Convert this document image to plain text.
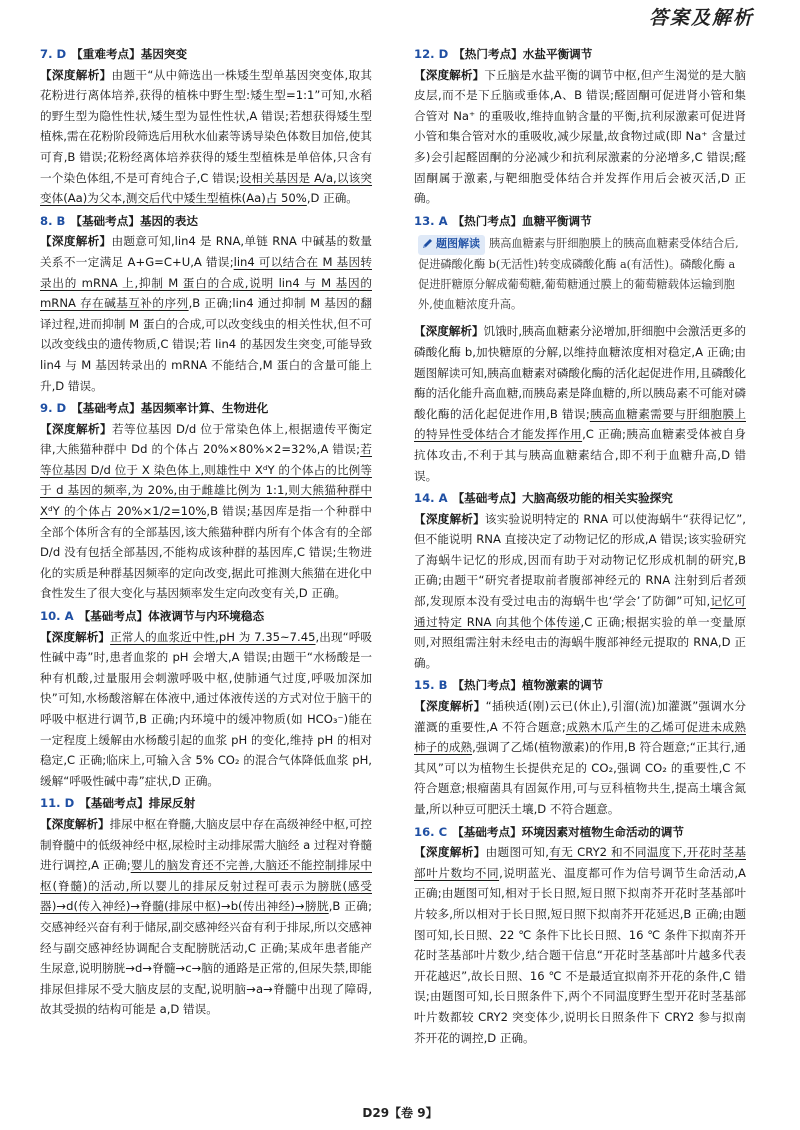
答案及解析
7. D 【重难考点】基因突变
【深度解析】由题干“从中筛选出一株矮生型单基因突变体,取其花粉进行离体培养,获得的植株中野生型:矮生型=1:1”可知,水稻的野生型为隐性性状,矮生型为显性性状,A 错误;若想获得矮生型植株,需在花粉阶段筛选后用秋水仙素等诱导染色体数目加倍,使其可育,B 错误;花粉经离体培养获得的矮生型植株是单倍体,只含有一个染色体组,不是可育纯合子,C 错误;设相关基因是 A/a,以该突变体(Aa)为父本,测交后代中矮生型植株(Aa)占 50%,D 正确。
8. B 【基础考点】基因的表达
【深度解析】由题意可知,lin4 是 RNA,单链 RNA 中碱基的数量关系不一定满足 A+G=C+U,A 错误;lin4 可以结合在 M 基因转录出的 mRNA 上,抑制 M 蛋白的合成,说明 lin4 与 M 基因的 mRNA 存在碱基互补的序列,B 正确;lin4 通过抑制 M 基因的翻译过程,进而抑制 M 蛋白的合成,可以改变线虫的相关性状,但不可以改变线虫的遗传物质,C 错误;若 lin4 的基因发生突变,可能导致 lin4 与 M 基因转录出的 mRNA 不能结合,M 蛋白的含量可能上升,D 错误。
9. D 【基础考点】基因频率计算、生物进化
【深度解析】若等位基因 D/d 位于常染色体上,根据遗传平衡定律,大熊猫种群中 Dd 的个体占 20%×80%×2=32%,A 错误;若等位基因 D/d 位于 X 染色体上,则雄性中 XᵈY 的个体占的比例等于 d 基因的频率,为 20%,由于雌雄比例为 1:1,则大熊猫种群中 XᵈY 的个体占 20%×1/2=10%,B 错误;基因库是指一个种群中全部个体所含有的全部基因,该大熊猫种群内所有个体含有的全部 D/d 没有包括全部基因,不能构成该种群的基因库,C 错误;生物进化的实质是种群基因频率的定向改变,据此可推测大熊猫在进化中食性发生了很大变化与基因频率发生定向改变有关,D 正确。
10. A 【基础考点】体液调节与内环境稳态
【深度解析】正常人的血浆近中性,pH 为 7.35~7.45,出现“呼吸性碱中毒”时,患者血浆的 pH 会增大,A 错误;由题干“水杨酸是一种有机酸,过量服用会刺激呼吸中枢,使肺通气过度,呼吸加深加快”可知,水杨酸溶解在体液中,通过体液传送的方式对位于脑干的呼吸中枢进行调节,B 正确;内环境中的缓冲物质(如 HCO₃⁻)能在一定程度上缓解由水杨酸引起的血浆 pH 的变化,维持 pH 的相对稳定,C 正确;临床上,可输入含 5% CO₂ 的混合气体降低血浆 pH,缓解“呼吸性碱中毒”症状,D 正确。
11. D 【基础考点】排尿反射
【深度解析】排尿中枢在脊髓,大脑皮层中存在高级神经中枢,可控制脊髓中的低级神经中枢,尿检时主动排尿需大脑经 a 过程对脊髓进行调控,A 正确;婴儿的脑发育还不完善,大脑还不能控制排尿中枢(脊髓)的活动,所以婴儿的排尿反射过程可表示为膀胱(感受器)→d(传入神经)→脊髓(排尿中枢)→b(传出神经)→膀胱,B 正确;交感神经兴奋有利于储尿,副交感神经兴奋有利于排尿,所以交感神经与副交感神经协调配合支配膀胱活动,C 正确;某成年患者能产生尿意,说明膀胱→d→脊髓→c→脑的通路是正常的,但尿失禁,即能排尿但排尿不受大脑皮层的支配,说明脑→a→脊髓中出现了障碍,故其受损的结构可能是 a,D 错误。
12. D 【热门考点】水盐平衡调节
【深度解析】下丘脑是水盐平衡的调节中枢,但产生渴觉的是大脑皮层,而不是下丘脑或垂体,A、B 错误;醛固酮可促进肾小管和集合管对 Na⁺ 的重吸收,维持血钠含量的平衡,抗利尿激素可促进肾小管和集合管对水的重吸收,减少尿量,故食物过咸(即 Na⁺ 含量过多)会引起醛固酮的分泌减少和抗利尿激素的分泌增多,C 错误;醛固酮属于激素,与靶细胞受体结合并发挥作用后会被灭活,D 正确。
13. A 【热门考点】血糖平衡调节
题图解读 胰高血糖素与肝细胞膜上的胰高血糖素受体结合后,促进磷酸化酶 b(无活性)转变成磷酸化酶 a(有活性)。磷酸化酶 a 促进肝糖原分解成葡萄糖,葡萄糖通过膜上的葡萄糖载体运输到胞外,使血糖浓度升高。
【深度解析】饥饿时,胰高血糖素分泌增加,肝细胞中会激活更多的磷酸化酶 b,加快糖原的分解,以维持血糖浓度相对稳定,A 正确;由题图解读可知,胰高血糖素对磷酸化酶的活化起促进作用,且磷酸化酶的活化能升高血糖,而胰岛素是降血糖的,所以胰岛素不可能对磷酸化酶的活化起促进作用,B 错误;胰高血糖素需要与肝细胞膜上的特异性受体结合才能发挥作用,C 正确;胰高血糖素受体被自身抗体攻击,不利于其与胰高血糖素结合,即不利于血糖升高,D 错误。
14. A 【基础考点】大脑高级功能的相关实验探究
【深度解析】该实验说明特定的 RNA 可以使海蜗牛“获得记忆”,但不能说明 RNA 直接决定了动物记忆的形成,A 错误;该实验研究了海蜗牛记忆的形成,因而有助于对动物记忆形成机制的研究,B 正确;由题干“研究者提取前者腹部神经元的 RNA 注射到后者颈部,发现原本没有受过电击的海蜗牛也‘学会’了防御”可知,记忆可通过特定 RNA 向其他个体传递,C 正确;根据实验的单一变量原则,对照组需注射未经电击的海蜗牛腹部神经元提取的 RNA,D 正确。
15. B 【热门考点】植物激素的调节
【深度解析】“插秧适(刚)云已(休止),引溜(流)加灌溉”强调水分灌溉的重要性,A 不符合题意;成熟木瓜产生的乙烯可促进未成熟柿子的成熟,强调了乙烯(植物激素)的作用,B 符合题意;“正其行,通其风”可以为植物生长提供充足的 CO₂,强调 CO₂ 的重要性,C 不符合题意;根瘤菌具有固氮作用,可与豆科植物共生,提高土壤含氮量,所以种豆可肥沃土壤,D 不符合题意。
16. C 【基础考点】环境因素对植物生命活动的调节
【深度解析】由题图可知,有无 CRY2 和不同温度下,开花时茎基部叶片数均不同,说明蓝光、温度都可作为信号调节生命活动,A 正确;由题图可知,相对于长日照,短日照下拟南芥开花时茎基部叶片较多,所以相对于长日照,短日照下拟南芥开花延迟,B 正确;由题图可知,长日照、22 ℃ 条件下比长日照、16 ℃ 条件下拟南芥开花时茎基部叶片数少,结合题干信息“开花时茎基部叶片越多代表开花越迟”,故长日照、16 ℃ 不是最适宜拟南芥开花的条件,C 错误;由题图可知,长日照条件下,两个不同温度野生型开花时茎基部叶片数都较 CRY2 突变体少,说明长日照条件下 CRY2 参与拟南芥开花的调控,D 正确。
D29【卷 9】
